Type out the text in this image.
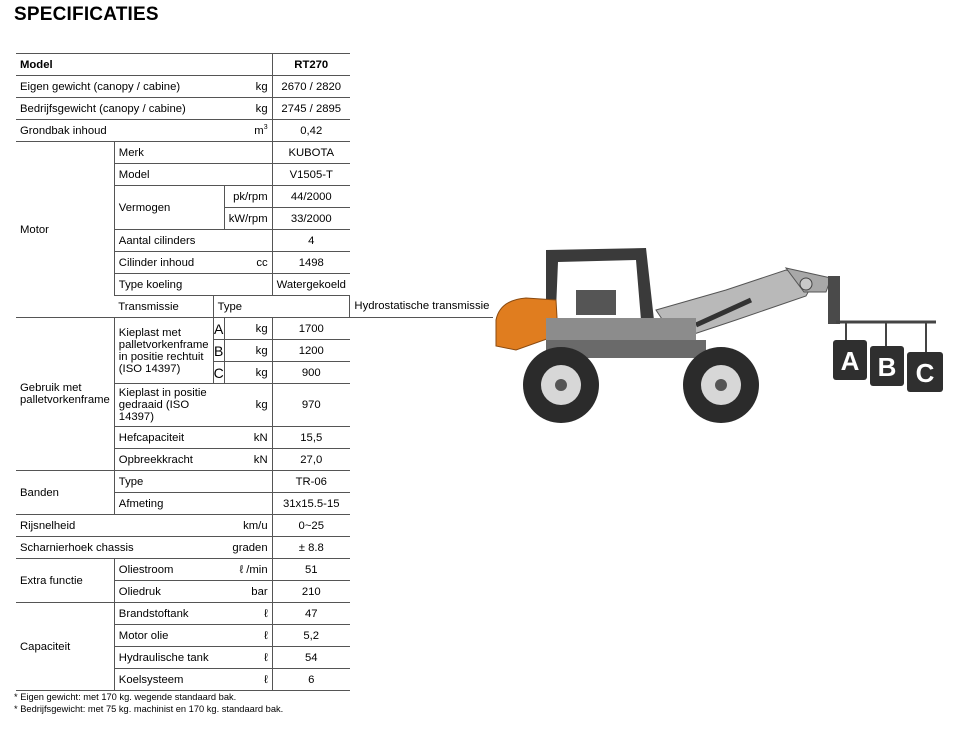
SPECIFICATIES
Model				RT270	
Eigen gewicht (canopy / cabine)			kg	2670 / 2820	
Bedrijfsgewicht (canopy / cabine)			kg	2745 / 2895	
Grondbak inhoud			$m^3$	0,42	
Motor	Merk			KUBOTA	
	Model			V1505-T	
	Vermogen		pk/rpm	44/2000	
			kW/rpm	33/2000	
	Aantal cilinders			4	
	Cilinder inhoud		cc	1498	
	Type koeling			Watergekoeld	
	Transmissie	Type			Hydrostatische transmissie
Gebruik met palletvorkenframe	Kieplast met palletvorkenframe in positie rechtuit (ISO 14397)	A	kg	1700	
		B	kg	1200	
		C	kg	900	
	Kieplast in positie gedraaid (ISO 14397)		kg	970	
	Hefcapaciteit		kN	15,5	
	Opbreekkracht		kN	27,0	
Banden	Type			TR-06	
	Afmeting			31x15.5-15	
Rijsnelheid			km/u	0~25	
Scharnierhoek chassis			graden	± 8.8	
Extra functie	Oliestroom		ℓ /min	51	
	Oliedruk		bar	210	
Capaciteit	Brandstoftank		ℓ	47	
	Motor olie		ℓ	5,2	
	Hydraulische tank		ℓ	54	
	Koelsysteem		ℓ	6	
* Eigen gewicht: met 170 kg. wegende standaard bak.
* Bedrijfsgewicht: met 75 kg. machinist en 170 kg. standaard bak.
A B C
